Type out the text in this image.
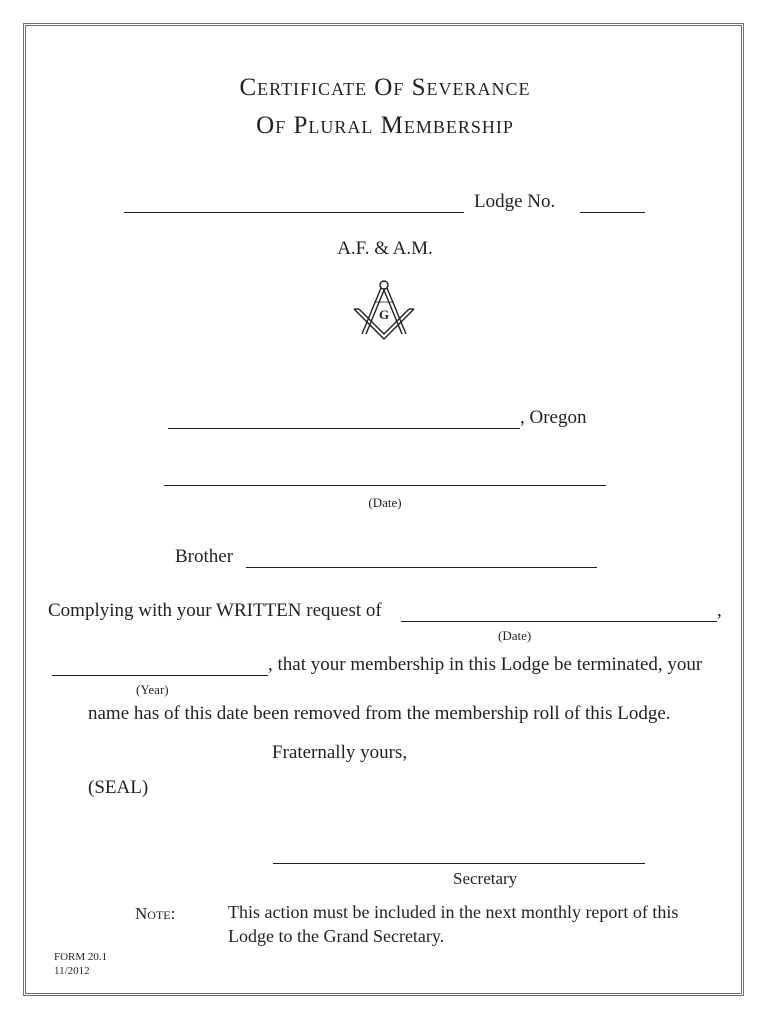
Certificate Of Severance
Of Plural Membership
Lodge No.
A.F. & A.M.
G
, Oregon
(Date)
Brother
Complying with your WRITTEN request of	,
(Date)
, that your membership in this Lodge be terminated, your
(Year)
name has of this date been removed from the membership roll of this Lodge.
Fraternally yours,
(SEAL)
Secretary
Note:	This action must be included in the next monthly report of this
Lodge to the Grand Secretary.
FORM 20.1
11/2012
